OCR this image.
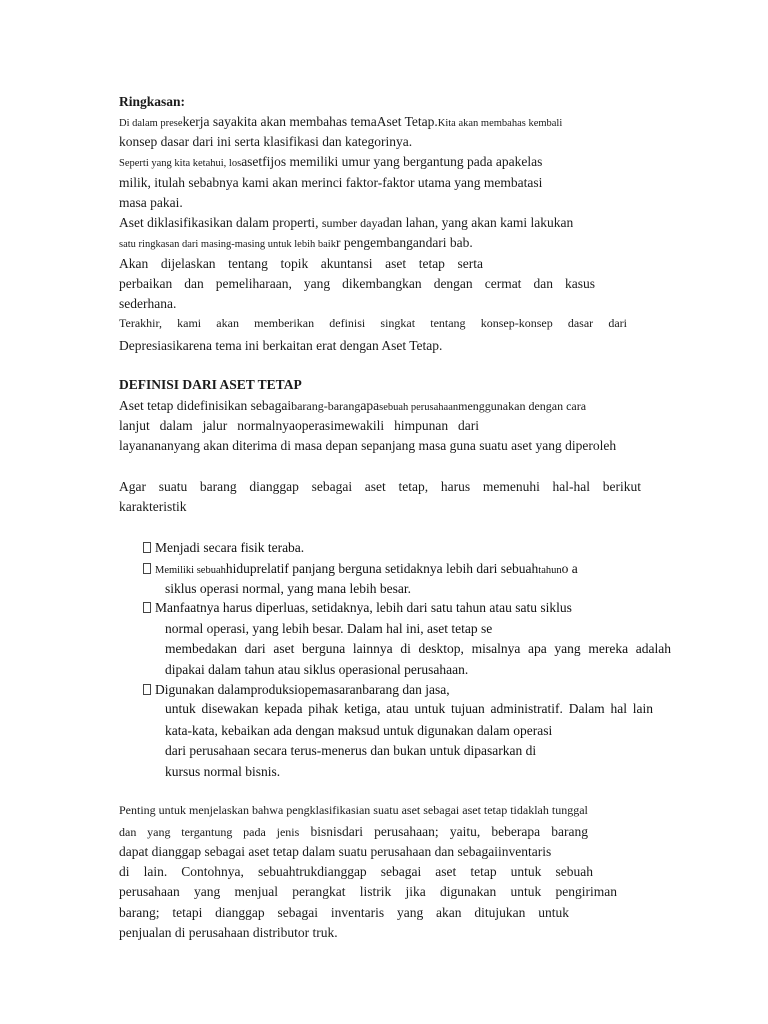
Ringkasan:
Di dalam presekerja sayakita akan membahas temaAset Tetap.Kita akan membahas kembali
konsep dasar dari ini serta klasifikasi dan kategorinya.
Seperti yang kita ketahui, losasetfijos memiliki umur yang bergantung pada apakelas
milik, itulah sebabnya kami akan merinci faktor-faktor utama yang membatasi
masa pakai.
Aset diklasifikasikan dalam properti, sumber dayadan lahan, yang akan kami lakukan
satu ringkasan dari masing-masing untuk lebih baikr pengembangandari bab.
Akan dijelaskan tentang topik akuntansi aset tetap serta
perbaikan dan pemeliharaan, yang dikembangkan dengan cermat dan kasus
sederhana.
Terakhir, kami akan memberikan definisi singkat tentang konsep-konsep dasar dari
Depresiasikarena tema ini berkaitan erat dengan Aset Tetap.
DEFINISI DARI ASET TETAP
Aset tetap didefinisikan sebagaibarang-barangapasebuah perusahaanmenggunakan dengan cara
lanjut dalam jalur normalnyaoperasimewakili himpunan dari
layanananyang akan diterima di masa depan sepanjang masa guna suatu aset yang diperoleh
Agar suatu barang dianggap sebagai aset tetap, harus memenuhi hal-hal berikut
karakteristik
Menjadi secara fisik teraba.
Memiliki sebuahhiduprelatif panjang berguna setidaknya lebih dari sebuahtahuno a
siklus operasi normal, yang mana lebih besar.
Manfaatnya harus diperluas, setidaknya, lebih dari satu tahun atau satu siklus
normal operasi, yang lebih besar. Dalam hal ini, aset tetap se
membedakan dari aset berguna lainnya di desktop, misalnya apa yang mereka adalah
dipakai dalam tahun atau siklus operasional perusahaan.
Digunakan dalamproduksiopemasaranbarang dan jasa,
untuk disewakan kepada pihak ketiga, atau untuk tujuan administratif. Dalam hal lain
kata-kata, kebaikan ada dengan maksud untuk digunakan dalam operasi
dari perusahaan secara terus-menerus dan bukan untuk dipasarkan di
kursus normal bisnis.
Penting untuk menjelaskan bahwa pengklasifikasian suatu aset sebagai aset tetap tidaklah tunggal
dan yang tergantung pada jenis bisnisdari perusahaan; yaitu, beberapa barang
dapat dianggap sebagai aset tetap dalam suatu perusahaan dan sebagaiinventaris
di lain. Contohnya, sebuahtrukdianggap sebagai aset tetap untuk sebuah
perusahaan yang menjual perangkat listrik jika digunakan untuk pengiriman
barang; tetapi dianggap sebagai inventaris yang akan ditujukan untuk
penjualan di perusahaan distributor truk.
